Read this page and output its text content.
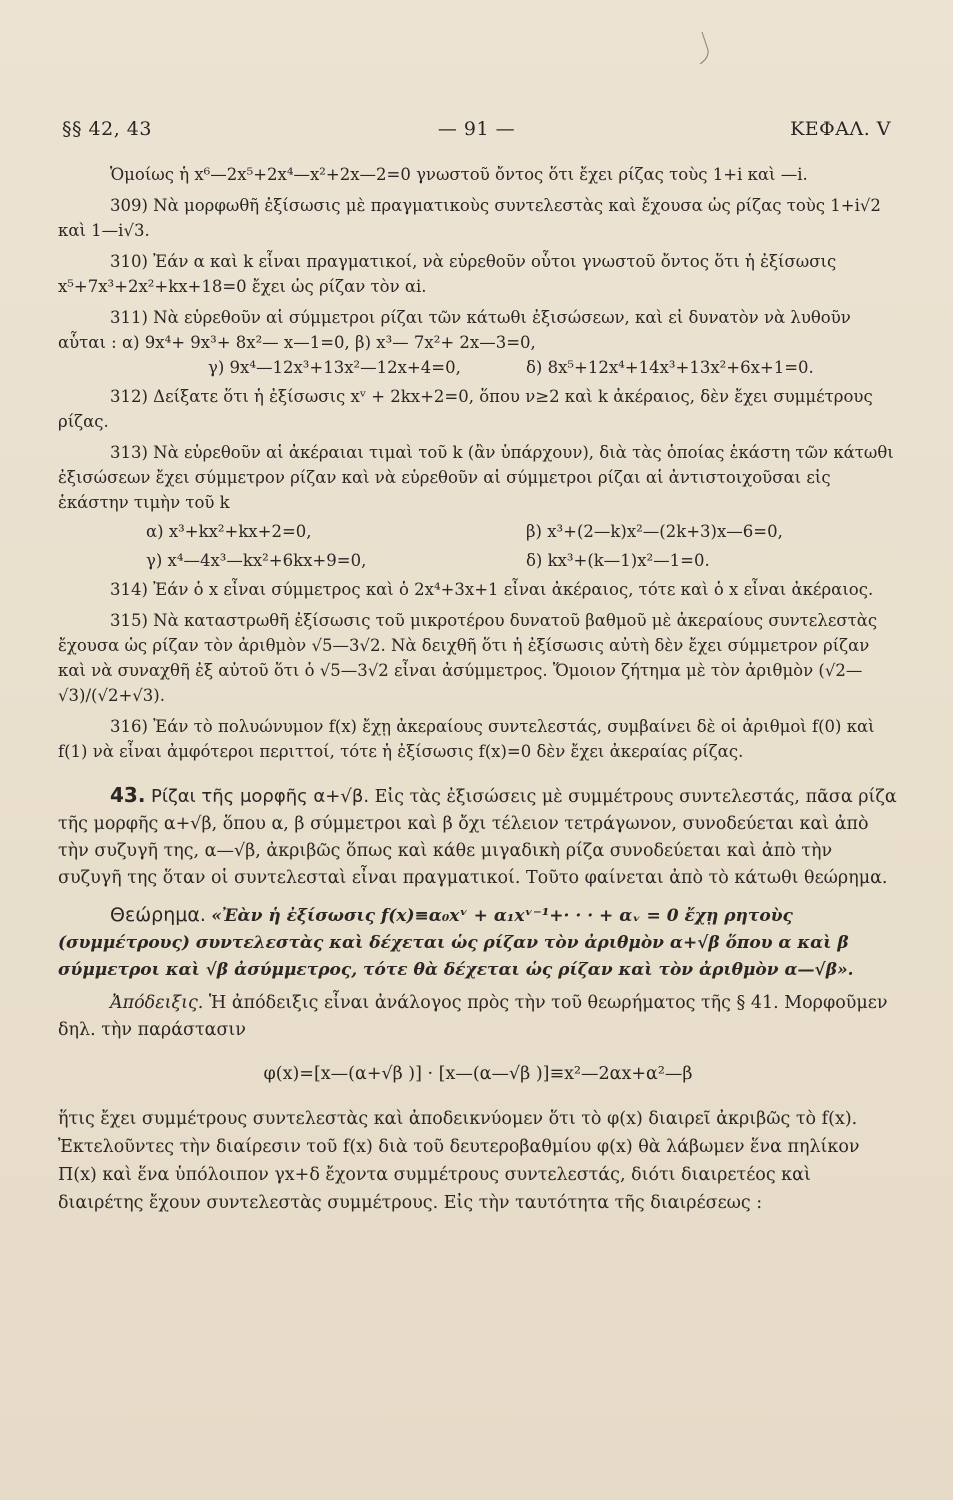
§§ 42, 43	— 91 —	ΚΕΦΑΛ. V

Ὁμοίως ἡ x⁶—2x⁵+2x⁴—x²+2x—2=0 γνωστοῦ ὄντος ὅτι ἔχει ρίζας τοὺς 1+i καὶ —i.

309) Νὰ μορφωθῆ ἐξίσωσις μὲ πραγματικοὺς συντελεστὰς καὶ ἔχουσα ὡς ρίζας τοὺς 1+i√2 καὶ 1—i√3.

310) Ἐάν α καὶ k εἶναι πραγματικοί, νὰ εὑρεθοῦν οὗτοι γνωστοῦ ὄντος ὅτι ἡ ἐξίσωσις x⁵+7x³+2x²+kx+18=0 ἔχει ὡς ρίζαν τὸν αi.

311) Νὰ εὑρεθοῦν αἱ σύμμετροι ρίζαι τῶν κάτωθι ἐξισώσεων, καὶ εἰ δυνατὸν νὰ λυθοῦν αὗται : α) 9x⁴+ 9x³+ 8x²— x—1=0, β) x³— 7x²+ 2x—3=0,

γ) 9x⁴—12x³+13x²—12x+4=0,	δ) 8x⁵+12x⁴+14x³+13x²+6x+1=0.

312) Δείξατε ὅτι ἡ ἐξίσωσις xᵛ + 2kx+2=0, ὅπου ν≥2 καὶ k ἀκέραιος, δὲν ἔχει συμμέτρους ρίζας.

313) Νὰ εὑρεθοῦν αἱ ἀκέραιαι τιμαὶ τοῦ k (ἂν ὑπάρχουν), διὰ τὰς ὁποίας ἑκάστη τῶν κάτωθι ἐξισώσεων ἔχει σύμμετρον ρίζαν καὶ νὰ εὑρεθοῦν αἱ σύμμετροι ρίζαι αἱ ἀντιστοιχοῦσαι εἰς ἑκάστην τιμὴν τοῦ k

α) x³+kx²+kx+2=0,	β) x³+(2—k)x²—(2k+3)x—6=0,
γ) x⁴—4x³—kx²+6kx+9=0,	δ) kx³+(k—1)x²—1=0.

314) Ἐάν ὁ x εἶναι σύμμετρος καὶ ὁ 2x⁴+3x+1 εἶναι ἀκέραιος, τότε καὶ ὁ x εἶναι ἀκέραιος.

315) Νὰ καταστρωθῆ ἐξίσωσις τοῦ μικροτέρου δυνατοῦ βαθμοῦ μὲ ἀκεραίους συντελεστὰς ἔχουσα ὡς ρίζαν τὸν ἀριθμὸν √5—3√2. Νὰ δειχθῆ ὅτι ἡ ἐξίσωσις αὐτὴ δὲν ἔχει σύμμετρον ρίζαν καὶ νὰ συναχθῆ ἐξ αὐτοῦ ὅτι ὁ √5—3√2 εἶναι ἀσύμμετρος. Ὅμοιον ζήτημα μὲ τὸν ἀριθμὸν (√2—√3)/(√2+√3).

316) Ἐάν τὸ πολυώνυμον f(x) ἔχῃ ἀκεραίους συντελεστάς, συμβαίνει δὲ οἱ ἀριθμοὶ f(0) καὶ f(1) νὰ εἶναι ἀμφότεροι περιττοί, τότε ἡ ἐξίσωσις f(x)=0 δὲν ἔχει ἀκεραίας ρίζας.

43. Ρίζαι τῆς μορφῆς α+√β. Εἰς τὰς ἐξισώσεις μὲ συμμέτρους συντελεστάς, πᾶσα ρίζα τῆς μορφῆς α+√β, ὅπου α, β σύμμετροι καὶ β ὄχι τέλειον τετράγωνον, συνοδεύεται καὶ ἀπὸ τὴν συζυγῆ της, α—√β, ἀκριβῶς ὅπως καὶ κάθε μιγαδικὴ ρίζα συνοδεύεται καὶ ἀπὸ τὴν συζυγῆ της ὅταν οἱ συντελεσταὶ εἶναι πραγματικοί. Τοῦτο φαίνεται ἀπὸ τὸ κάτωθι θεώρημα.

Θεώρημα. «Ἐὰν ἡ ἐξίσωσις f(x)≡α₀xᵛ + α₁xᵛ⁻¹+· · · + αᵥ = 0 ἔχῃ ρητοὺς (συμμέτρους) συντελεστὰς καὶ δέχεται ὡς ρίζαν τὸν ἀριθμὸν α+√β ὅπου α καὶ β σύμμετροι καὶ √β ἀσύμμετρος, τότε θὰ δέχεται ὡς ρίζαν καὶ τὸν ἀριθμὸν α—√β».

Ἀπόδειξις. Ἡ ἀπόδειξις εἶναι ἀνάλογος πρὸς τὴν τοῦ θεωρήματος τῆς § 41. Μορφοῦμεν δηλ. τὴν παράστασιν

φ(x)=[x—(α+√β )] · [x—(α—√β )]≡x²—2αx+α²—β

ἥτις ἔχει συμμέτρους συντελεστὰς καὶ ἀποδεικνύομεν ὅτι τὸ φ(x) διαιρεῖ ἀκριβῶς τὸ f(x). Ἐκτελοῦντες τὴν διαίρεσιν τοῦ f(x) διὰ τοῦ δευτεροβαθμίου φ(x) θὰ λάβωμεν ἕνα πηλίκον Π(x) καὶ ἕνα ὑπόλοιπον γx+δ ἔχοντα συμμέτρους συντελεστάς, διότι διαιρετέος καὶ διαιρέτης ἔχουν συντελεστὰς συμμέτρους. Εἰς τὴν ταυτότητα τῆς διαιρέσεως :
